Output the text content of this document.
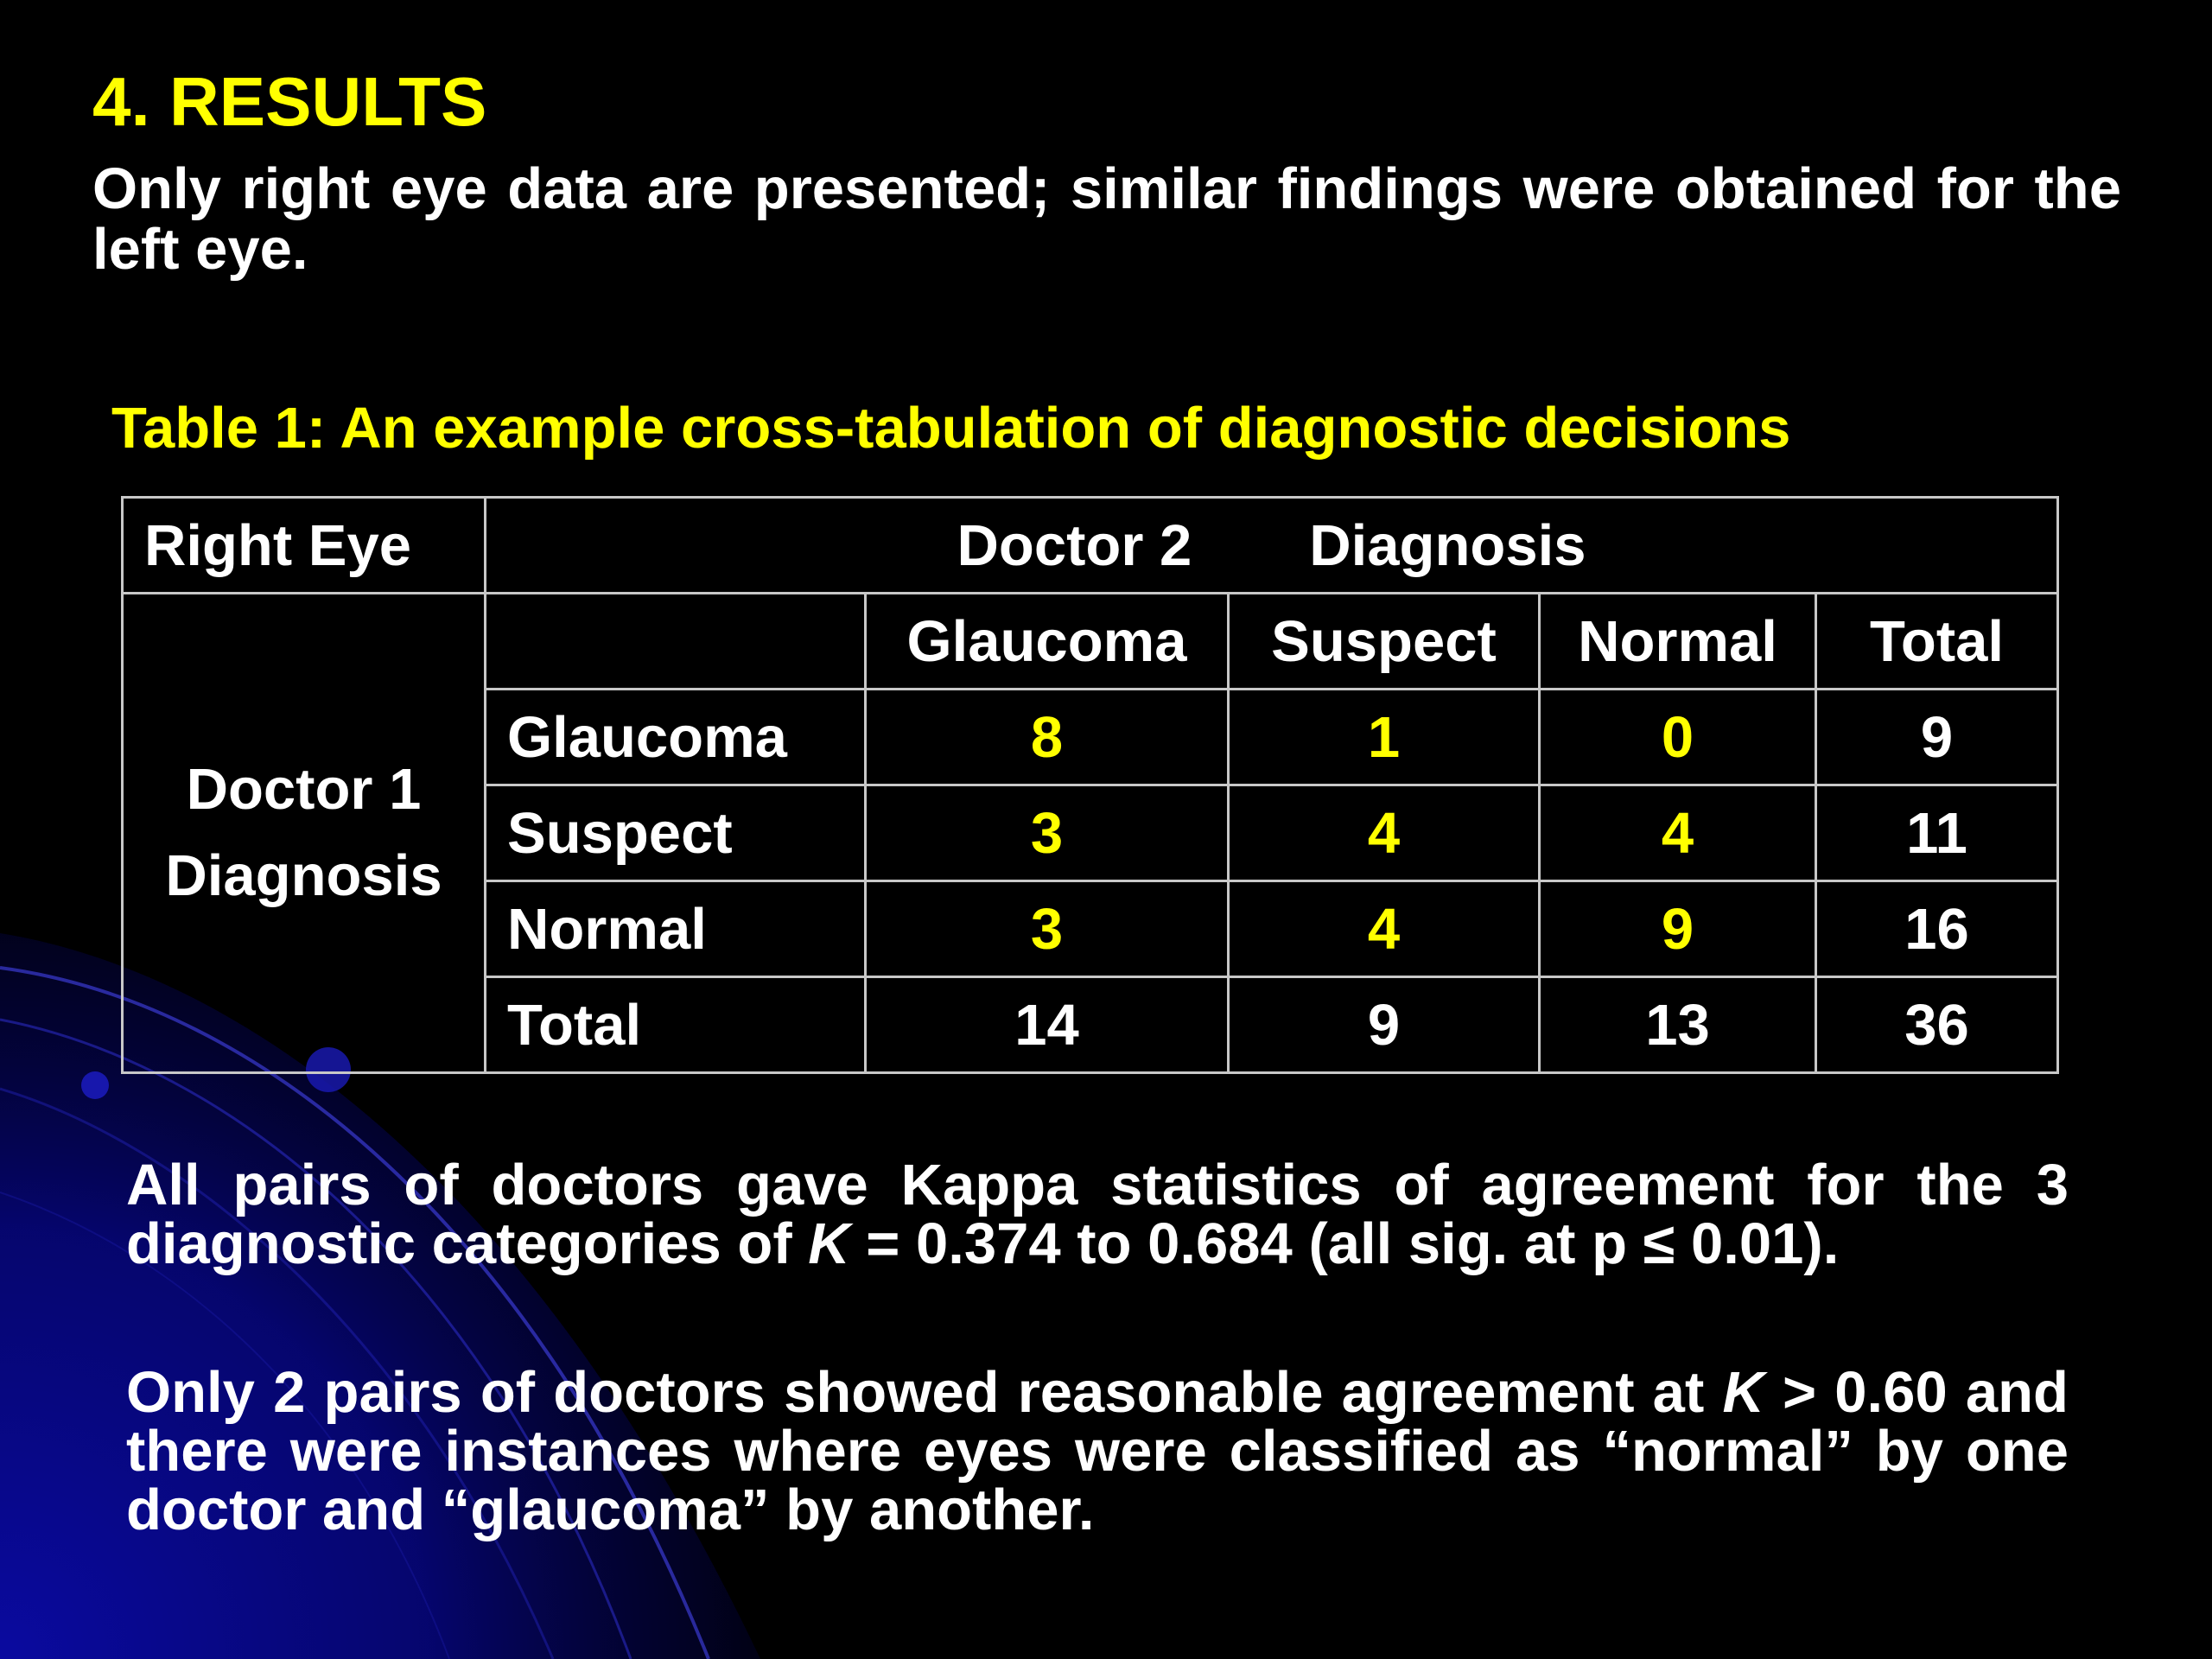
4. RESULTS
Only right eye data are presented; similar findings were obtained for the left eye.
Table 1: An example cross-tabulation of diagnostic decisions
Right Eye	Doctor 2 Diagnosis				

Doctor 1
Diagnosis		Glaucoma	Suspect	Normal	Total
	Glaucoma	8	1	0	9
	Suspect	3	4	4	11
	Normal	3	4	9	16
	Total	14	9	13	36
All pairs of doctors gave Kappa statistics of agreement for the 3 diagnostic categories of K = 0.374 to 0.684 (all sig. at p ≤ 0.01).
Only 2 pairs of doctors showed reasonable agreement at K > 0.60 and there were instances where eyes were classified as “normal” by one doctor and “glaucoma” by another.
